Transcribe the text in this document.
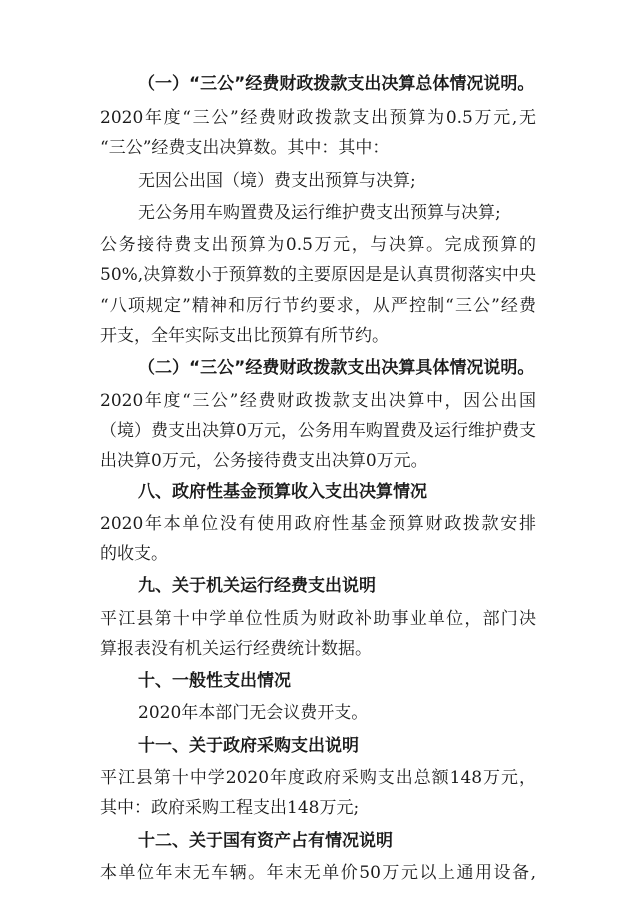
（一）“三公”经费财政拨款支出决算总体情况说明。
2020年度“三公”经费财政拨款支出预算为0.5万元,无
“三公”经费支出决算数。其中：其中：
无因公出国（境）费支出预算与决算;
无公务用车购置费及运行维护费支出预算与决算;
公务接待费支出预算为0.5万元，与决算。完成预算的
50%,决算数小于预算数的主要原因是是认真贯彻落实中央
“八项规定”精神和厉行节约要求，从严控制“三公”经费
开支，全年实际支出比预算有所节约。
（二）“三公”经费财政拨款支出决算具体情况说明。
2020年度“三公”经费财政拨款支出决算中，因公出国
（境）费支出决算0万元，公务用车购置费及运行维护费支
出决算0万元，公务接待费支出决算0万元。
八、政府性基金预算收入支出决算情况
2020年本单位没有使用政府性基金预算财政拨款安排
的收支。
九、关于机关运行经费支出说明
平江县第十中学单位性质为财政补助事业单位，部门决
算报表没有机关运行经费统计数据。
十、一般性支出情况
2020年本部门无会议费开支。
十一、关于政府采购支出说明
平江县第十中学2020年度政府采购支出总额148万元，
其中：政府采购工程支出148万元;
十二、关于国有资产占有情况说明
本单位年末无车辆。年末无单价50万元以上通用设备,
